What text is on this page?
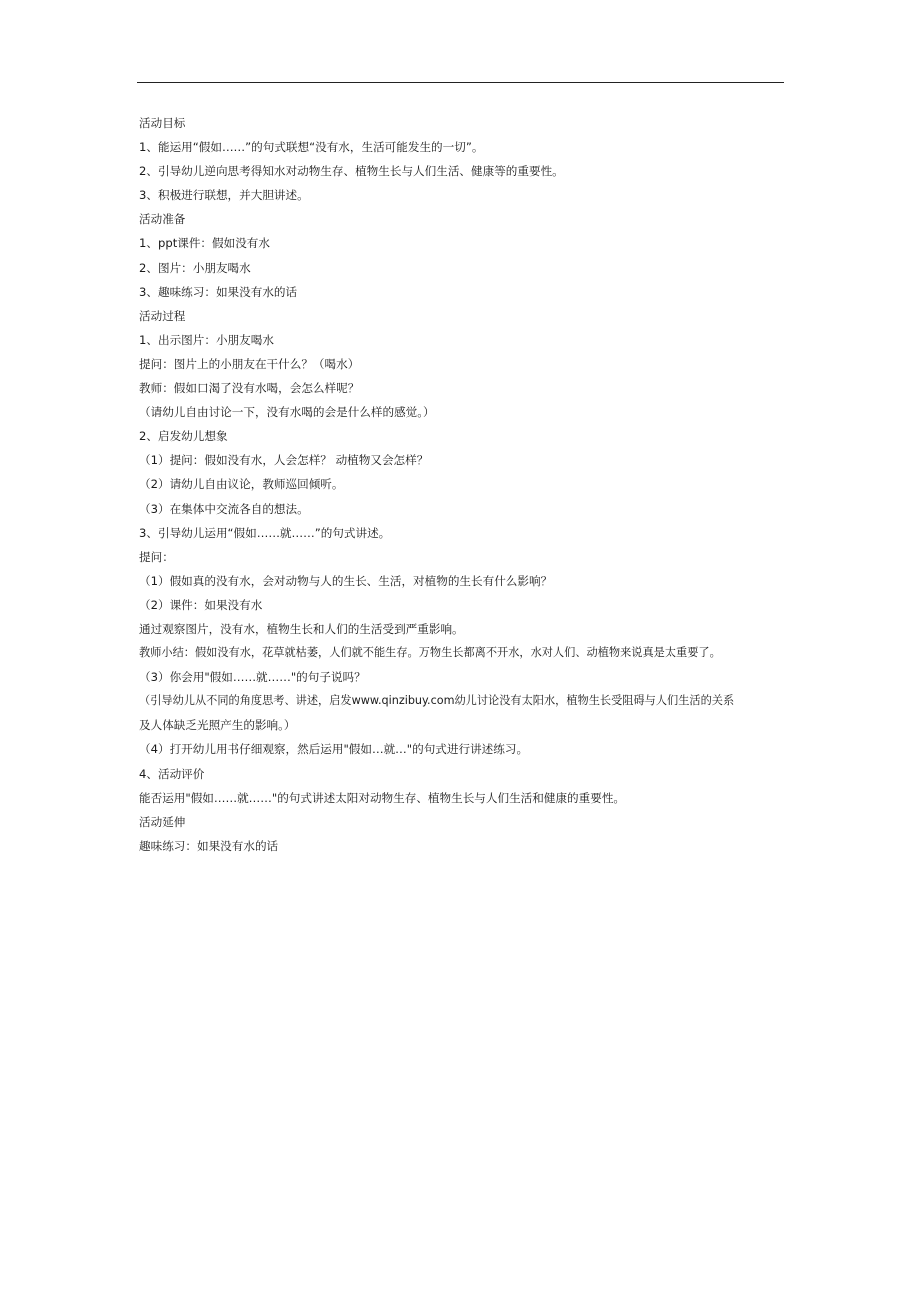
活动目标
1、能运用“假如……”的句式联想“没有水，生活可能发生的一切”。
2、引导幼儿逆向思考得知水对动物生存、植物生长与人们生活、健康等的重要性。
3、积极进行联想，并大胆讲述。
活动准备
1、ppt课件：假如没有水
2、图片：小朋友喝水
3、趣味练习：如果没有水的话
活动过程
1、出示图片：小朋友喝水
提问：图片上的小朋友在干什么？（喝水）
教师：假如口渴了没有水喝，会怎么样呢？
（请幼儿自由讨论一下，没有水喝的会是什么样的感觉。）
2、启发幼儿想象
（1）提问：假如没有水，人会怎样？ 动植物又会怎样？
（2）请幼儿自由议论，教师巡回倾听。
（3）在集体中交流各自的想法。
3、引导幼儿运用“假如……就……”的句式讲述。
提问：
（1）假如真的没有水，会对动物与人的生长、生活，对植物的生长有什么影响？
（2）课件：如果没有水
通过观察图片，没有水，植物生长和人们的生活受到严重影响。
教师小结：假如没有水，花草就枯萎，人们就不能生存。万物生长都离不开水，水对人们、动植物来说真是太重要了。
（3）你会用"假如……就……"的句子说吗？
（引导幼儿从不同的角度思考、讲述，启发www.qinzibuy.com幼儿讨论没有太阳水，植物生长受阻碍与人们生活的关系
及人体缺乏光照产生的影响。）
（4）打开幼儿用书仔细观察，然后运用"假如…就…"的句式进行讲述练习。
4、活动评价
能否运用"假如……就……"的句式讲述太阳对动物生存、植物生长与人们生活和健康的重要性。
活动延伸
趣味练习：如果没有水的话
